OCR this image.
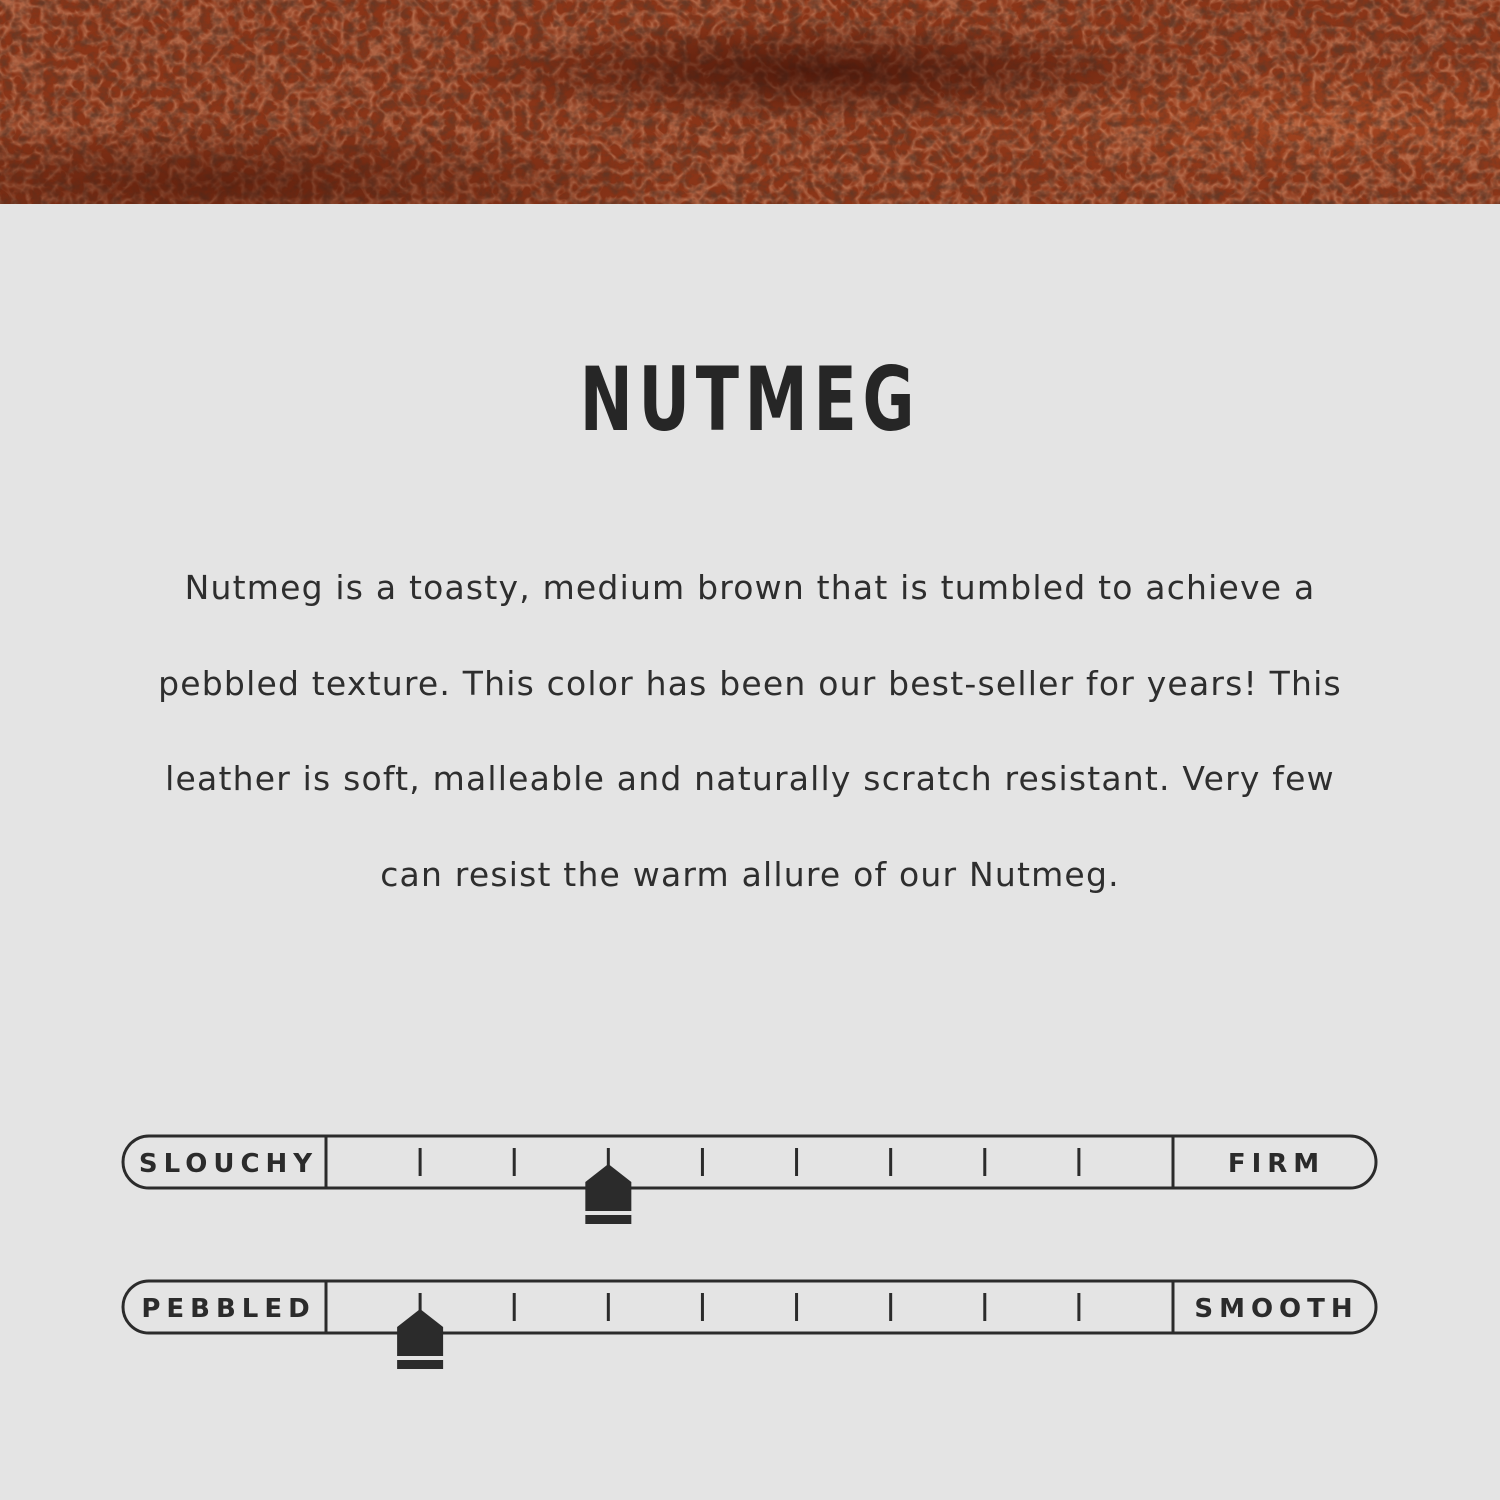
NUTMEG

Nutmeg is a toasty, medium brown that is tumbled to achieve a pebbled texture. This color has been our best-seller for years! This leather is soft, malleable and naturally scratch resistant. Very few can resist the warm allure of our Nutmeg.

SLOUCHY	FIRM
PEBBLED	SMOOTH
